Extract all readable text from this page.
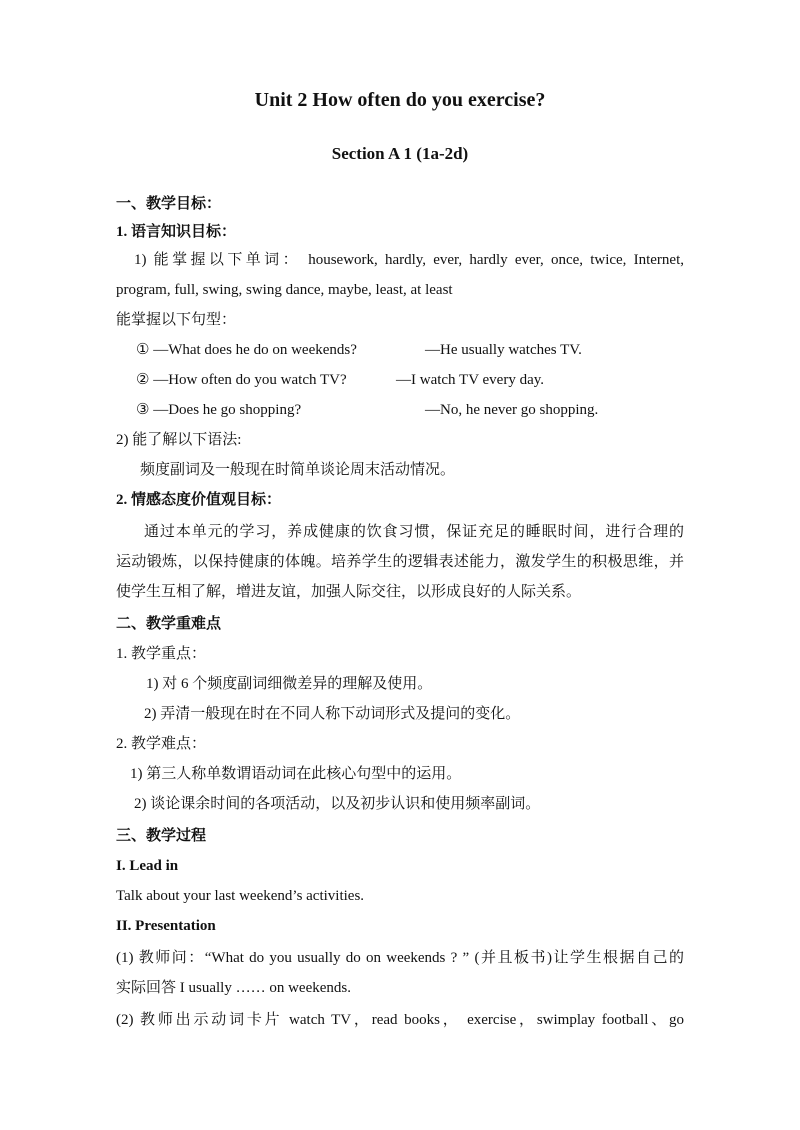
Unit 2 How often do you exercise?
Section A 1 (1a-2d)

一、教学目标：

1. 语言知识目标：

1) 能掌握以下单词： housework, hardly, ever, hardly ever, once, twice, Internet,

program, full, swing, swing dance, maybe, least, at least

能掌握以下句型：

① —What does he do on weekends?	—He usually watches TV.

② —How often do you watch TV?	—I watch TV every day.

③ —Does he go shopping?	—No, he never go shopping.

2) 能了解以下语法:

频度副词及一般现在时简单谈论周末活动情况。

2. 情感态度价值观目标：

通过本单元的学习，养成健康的饮食习惯，保证充足的睡眠时间，进行合理的

运动锻炼，以保持健康的体魄。培养学生的逻辑表述能力，激发学生的积极思维，并

使学生互相了解，增进友谊，加强人际交往，以形成良好的人际关系。

二、教学重难点

1. 教学重点：

1) 对 6 个频度副词细微差异的理解及使用。

2) 弄清一般现在时在不同人称下动词形式及提问的变化。

2. 教学难点：

1) 第三人称单数谓语动词在此核心句型中的运用。

2) 谈论课余时间的各项活动，以及初步认识和使用频率副词。

三、教学过程

I. Lead in

Talk about your last weekend’s activities.

II. Presentation

(1) 教师问：“What do you usually do on weekends ? ” (并且板书)让学生根据自己的

实际回答 I usually …… on weekends.

(2) 教师出示动词卡片 watch TV，read books， exercise，swimplay football、go
